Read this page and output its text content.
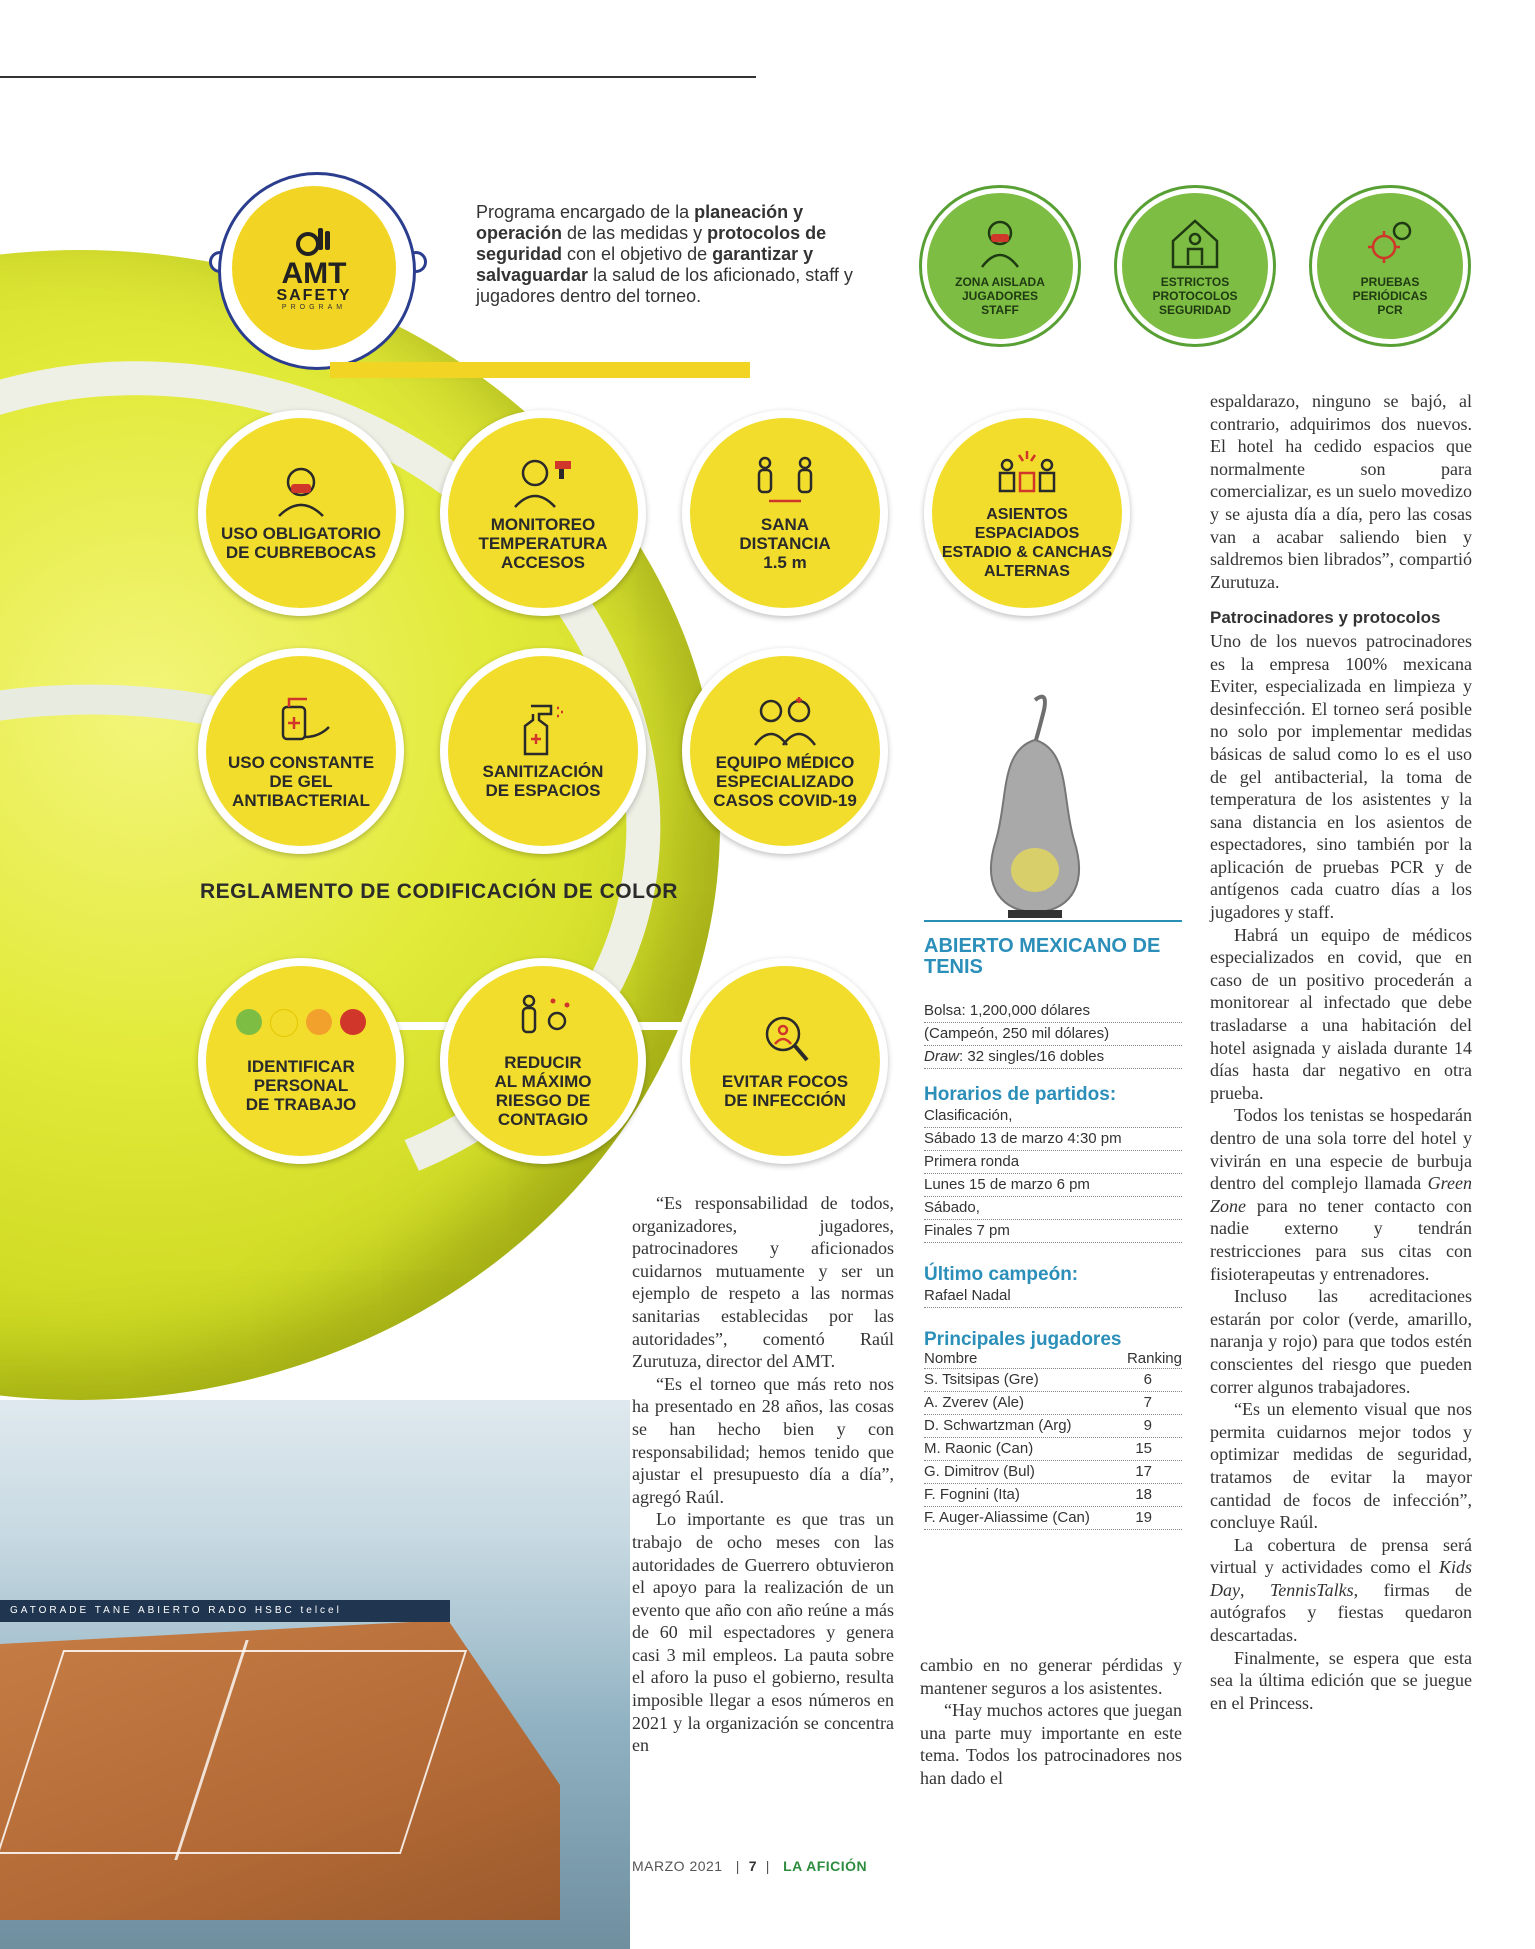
GATORADE TANE ABIERTO RADO HSBC telcel
AMT
SAFETY
PROGRAM
Programa encargado de la planeación y operación de las medidas y protocolos de seguridad con el objetivo de garantizar y salvaguardar la salud de los aficionado, staff y jugadores dentro del torneo.
ZONA AISLADA
JUGADORES
STAFF
ESTRICTOS
PROTOCOLOS
SEGURIDAD
PRUEBAS
PERIÓDICAS
PCR
USO OBLIGATORIO
DE CUBREBOCAS
MONITOREO
TEMPERATURA
ACCESOS
SANA
DISTANCIA
1.5 m
ASIENTOS ESPACIADOS
ESTADIO & CANCHAS
ALTERNAS
USO CONSTANTE
DE GEL
ANTIBACTERIAL
SANITIZACIÓN
DE ESPACIOS
EQUIPO MÉDICO
ESPECIALIZADO
CASOS COVID-19
REGLAMENTO DE CODIFICACIÓN DE COLOR
IDENTIFICAR
PERSONAL
DE TRABAJO
REDUCIR
AL MÁXIMO
RIESGO DE
CONTAGIO
EVITAR FOCOS
DE INFECCIÓN
ABIERTO MEXICANO DE TENIS
Bolsa: 1,200,000 dólares
(Campeón, 250 mil dólares)
Draw: 32 singles/16 dobles
Horarios de partidos:
Clasificación,
Sábado 13 de marzo 4:30 pm
Primera ronda
Lunes 15 de marzo 6 pm
Sábado,
Finales 7 pm
Último campeón:
Rafael Nadal
Principales jugadores
Nombre	Ranking
S. Tsitsipas (Gre)	6
A. Zverev (Ale)	7
D. Schwartzman (Arg)	9
M. Raonic (Can)	15
G. Dimitrov (Bul)	17
F. Fognini (Ita)	18
F. Auger-Aliassime (Can)	19

“Es responsabilidad de todos, organizadores, jugadores, patrocinadores y aficionados cuidarnos mutuamente y ser un ejemplo de respeto a las normas sanitarias establecidas por las autoridades”, comentó Raúl Zurutuza, director del AMT.

“Es el torneo que más reto nos ha presentado en 28 años, las cosas se han hecho bien y con responsabilidad; hemos tenido que ajustar el presupuesto día a día”, agregó Raúl.

Lo importante es que tras un trabajo de ocho meses con las autoridades de Guerrero obtuvieron el apoyo para la realización de un evento que año con año reúne a más de 60 mil espectadores y genera casi 3 mil empleos. La pauta sobre el aforo la puso el gobierno, resulta imposible llegar a esos números en 2021 y la organización se concentra en

cambio en no generar pérdidas y mantener seguros a los asistentes.

“Hay muchos actores que juegan una parte muy importante en este tema. Todos los patrocinadores nos han dado el

espaldarazo, ninguno se bajó, al contrario, adquirimos dos nuevos. El hotel ha cedido espacios que normalmente son para comercializar, es un suelo movedizo y se ajusta día a día, pero las cosas van a acabar saliendo bien y saldremos bien librados”, compartió Zurutuza.

Patrocinadores y protocolos

Uno de los nuevos patrocinadores es la empresa 100% mexicana Eviter, especializada en limpieza y desinfección. El torneo será posible no solo por implementar medidas básicas de salud como lo es el uso de gel antibacterial, la toma de temperatura de los asistentes y la sana distancia en los asientos de espectadores, sino también por la aplicación de pruebas PCR y de antígenos cada cuatro días a los jugadores y staff.

Habrá un equipo de médicos especializados en covid, que en caso de un positivo procederán a monitorear al infectado que debe trasladarse a una habitación del hotel asignada y aislada durante 14 días hasta dar negativo en otra prueba.

Todos los tenistas se hospedarán dentro de una sola torre del hotel y vivirán en una especie de burbuja dentro del complejo llamada Green Zone para no tener contacto con nadie externo y tendrán restricciones para sus citas con fisioterapeutas y entrenadores.

Incluso las acreditaciones estarán por color (verde, amarillo, naranja y rojo) para que todos estén conscientes del riesgo que pueden correr algunos trabajadores.

“Es un elemento visual que nos permita cuidarnos mejor todos y optimizar medidas de seguridad, tratamos de evitar la mayor cantidad de focos de infección”, concluye Raúl.

La cobertura de prensa será virtual y actividades como el Kids Day, TennisTalks, firmas de autógrafos y fiestas quedaron descartadas.

Finalmente, se espera que esta sea la última edición que se juegue en el Princess.

MARZO 2021   |  7  |   LA AFICIÓN
